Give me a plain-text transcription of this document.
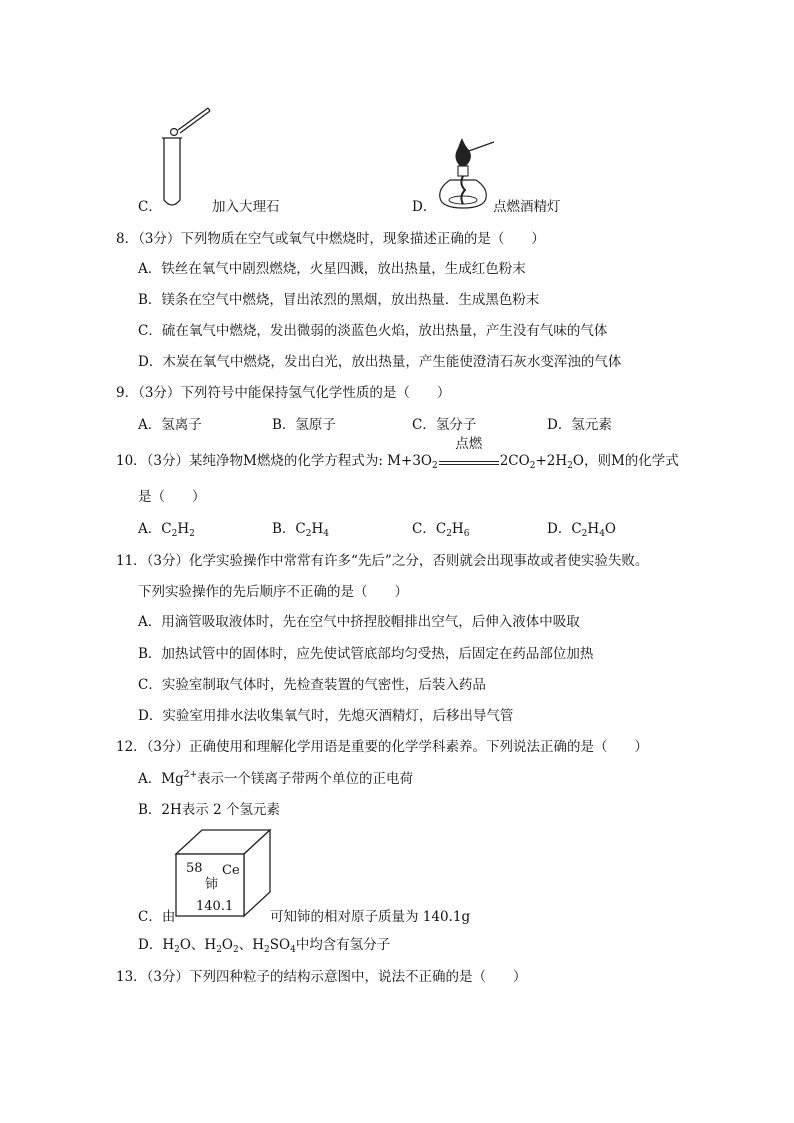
C．	加入大理石	D．	点燃酒精灯
8．（3分）下列物质在空气或氧气中燃烧时，现象描述正确的是（　　）
A．铁丝在氧气中剧烈燃烧，火星四溅，放出热量，生成红色粉末
B．镁条在空气中燃烧，冒出浓烈的黑烟，放出热量．生成黑色粉末
C．硫在氧气中燃烧，发出微弱的淡蓝色火焰，放出热量，产生没有气味的气体
D．木炭在氧气中燃烧，发出白光，放出热量，产生能使澄清石灰水变浑浊的气体
9．（3分）下列符号中能保持氢气化学性质的是（　　）
A．氢离子	B．氢原子	C．氢分子	D．氢元素
10．（3分）某纯净物M燃烧的化学方程式为: $M+3O_2$
点燃
$2CO_2+2H_2O$，则M的化学式
是（　　）
A．$C_2H_2$	B．$C_2H_4$	C．$C_2H_6$	D．$C_2H_4O$
11．（3分）化学实验操作中常常有许多“先后”之分，否则就会出现事故或者使实验失败。
下列实验操作的先后顺序不正确的是（　　）
A．用滴管吸取液体时，先在空气中挤捏胶帽排出空气，后伸入液体中吸取
B．加热试管中的固体时，应先使试管底部均匀受热，后固定在药品部位加热
C．实验室制取气体时，先检查装置的气密性，后装入药品
D．实验室用排水法收集氧气时，先熄灭酒精灯，后移出导气管
12．（3分）正确使用和理解化学用语是重要的化学学科素养。下列说法正确的是（　　）
A．$Mg^{2+}$表示一个镁离子带两个单位的正电荷
B．2H表示 2 个氢元素
58 Ce
铈
140.1
C．由	可知铈的相对原子质量为 140.1g
D．$H_2O$、$H_2O_2$、$H_2SO_4$中均含有氢分子
13．（3分）下列四种粒子的结构示意图中，说法不正确的是（　　）
